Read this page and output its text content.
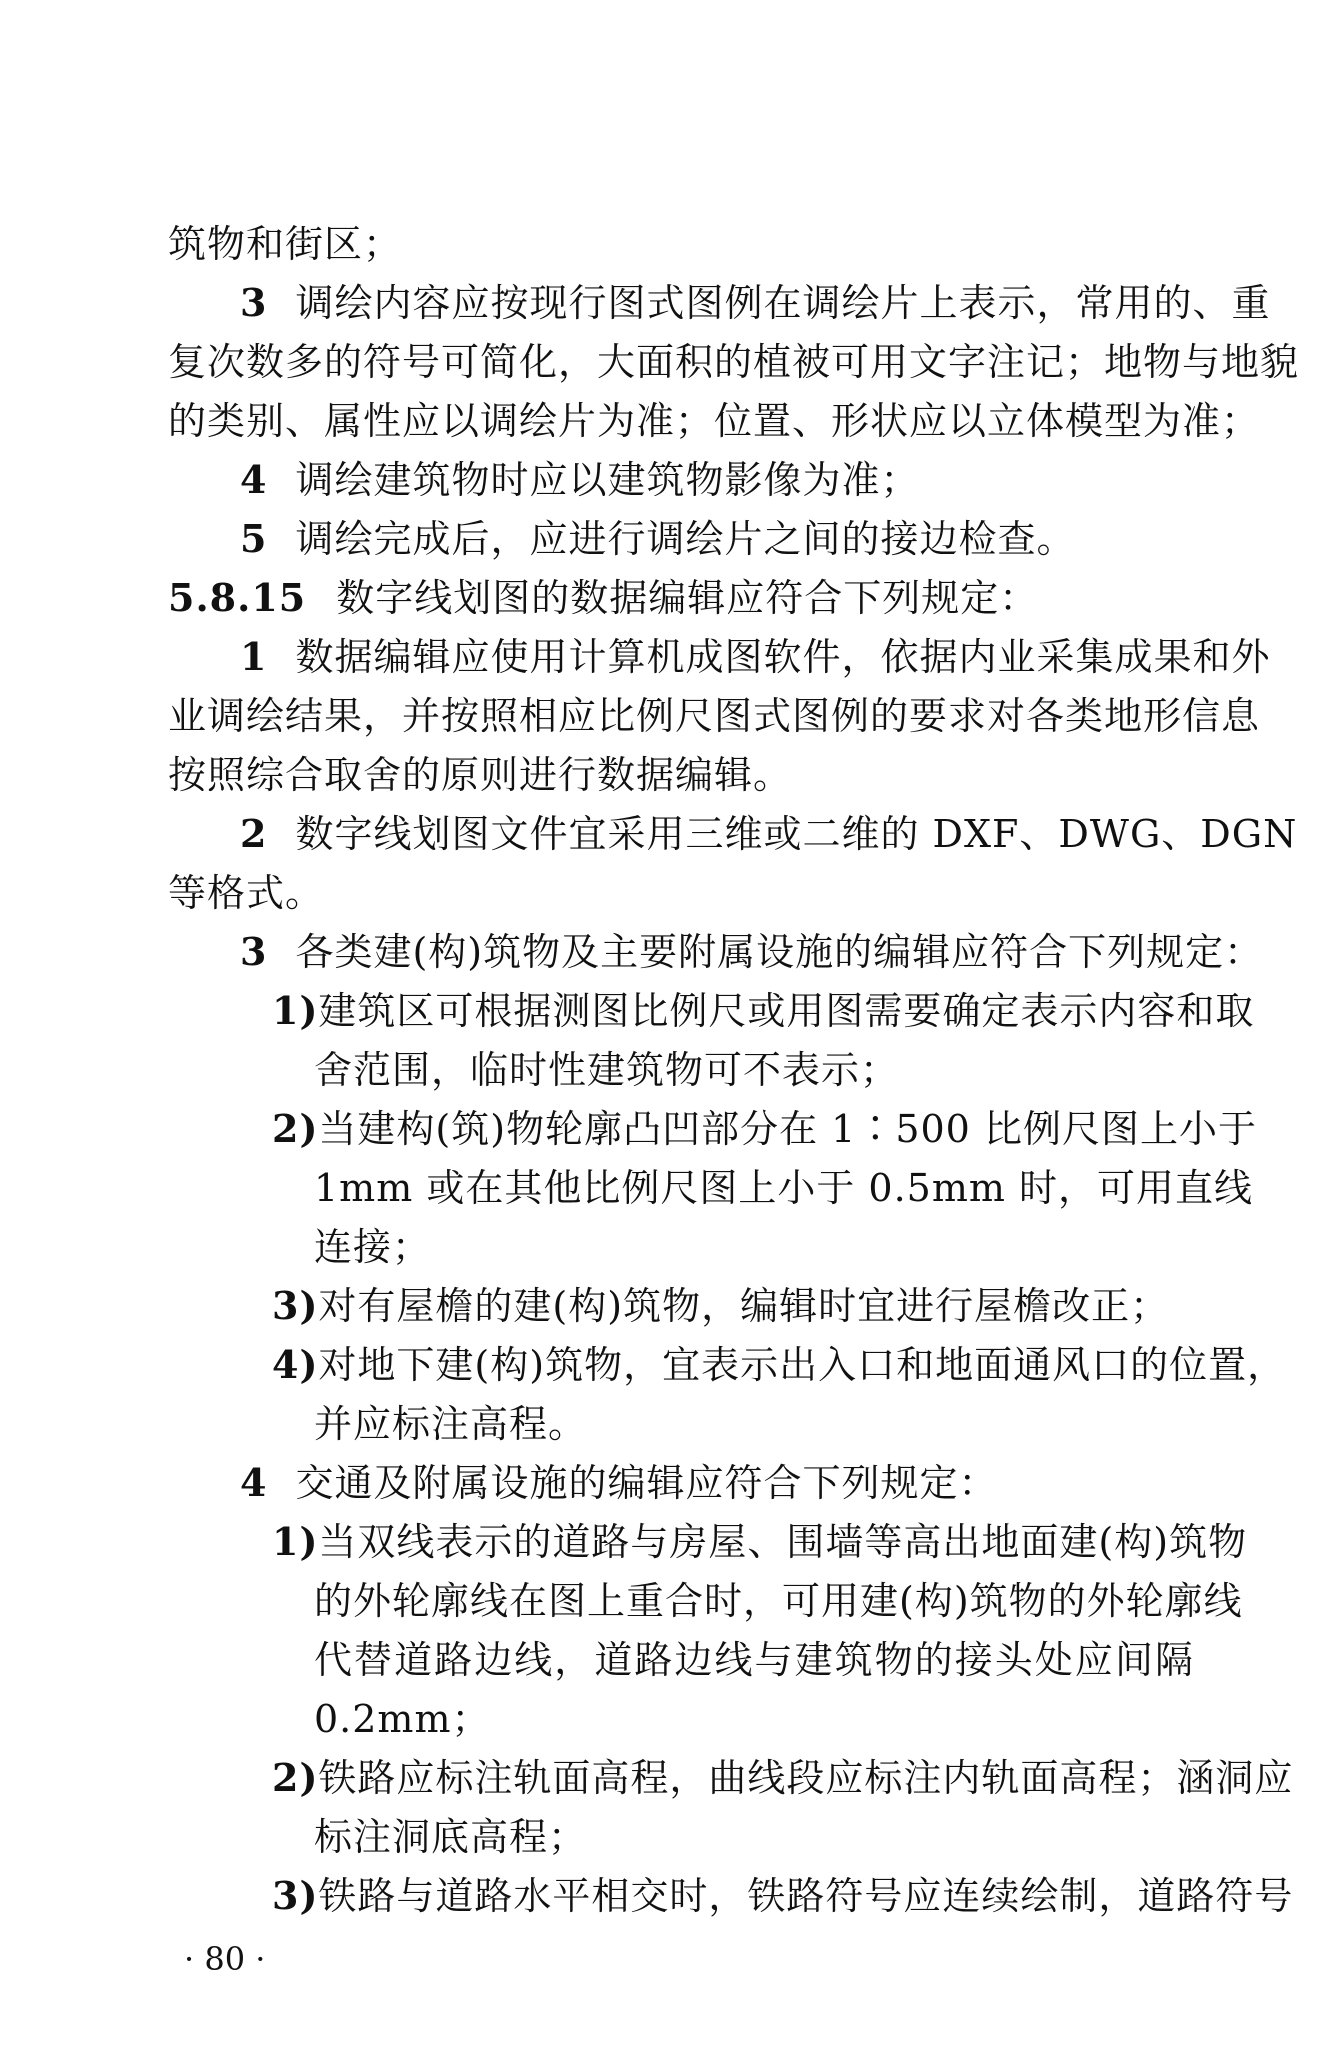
筑物和街区；
3 调绘内容应按现行图式图例在调绘片上表示，常用的、重
复次数多的符号可简化，大面积的植被可用文字注记；地物与地貌
的类别、属性应以调绘片为准；位置、形状应以立体模型为准；
4 调绘建筑物时应以建筑物影像为准；
5 调绘完成后，应进行调绘片之间的接边检查。
5.8.15 数字线划图的数据编辑应符合下列规定：
1 数据编辑应使用计算机成图软件，依据内业采集成果和外
业调绘结果，并按照相应比例尺图式图例的要求对各类地形信息
按照综合取舍的原则进行数据编辑。
2 数字线划图文件宜采用三维或二维的 DXF、DWG、DGN
等格式。
3 各类建(构)筑物及主要附属设施的编辑应符合下列规定：
1)建筑区可根据测图比例尺或用图需要确定表示内容和取
舍范围，临时性建筑物可不表示；
2)当建构(筑)物轮廓凸凹部分在 1∶500 比例尺图上小于
1mm 或在其他比例尺图上小于 0.5mm 时，可用直线
连接；
3)对有屋檐的建(构)筑物，编辑时宜进行屋檐改正；
4)对地下建(构)筑物，宜表示出入口和地面通风口的位置，
并应标注高程。
4 交通及附属设施的编辑应符合下列规定：
1)当双线表示的道路与房屋、围墙等高出地面建(构)筑物
的外轮廓线在图上重合时，可用建(构)筑物的外轮廓线
代替道路边线，道路边线与建筑物的接头处应间隔
0.2mm；
2)铁路应标注轨面高程，曲线段应标注内轨面高程；涵洞应
标注洞底高程；
3)铁路与道路水平相交时，铁路符号应连续绘制，道路符号
· 80 ·
